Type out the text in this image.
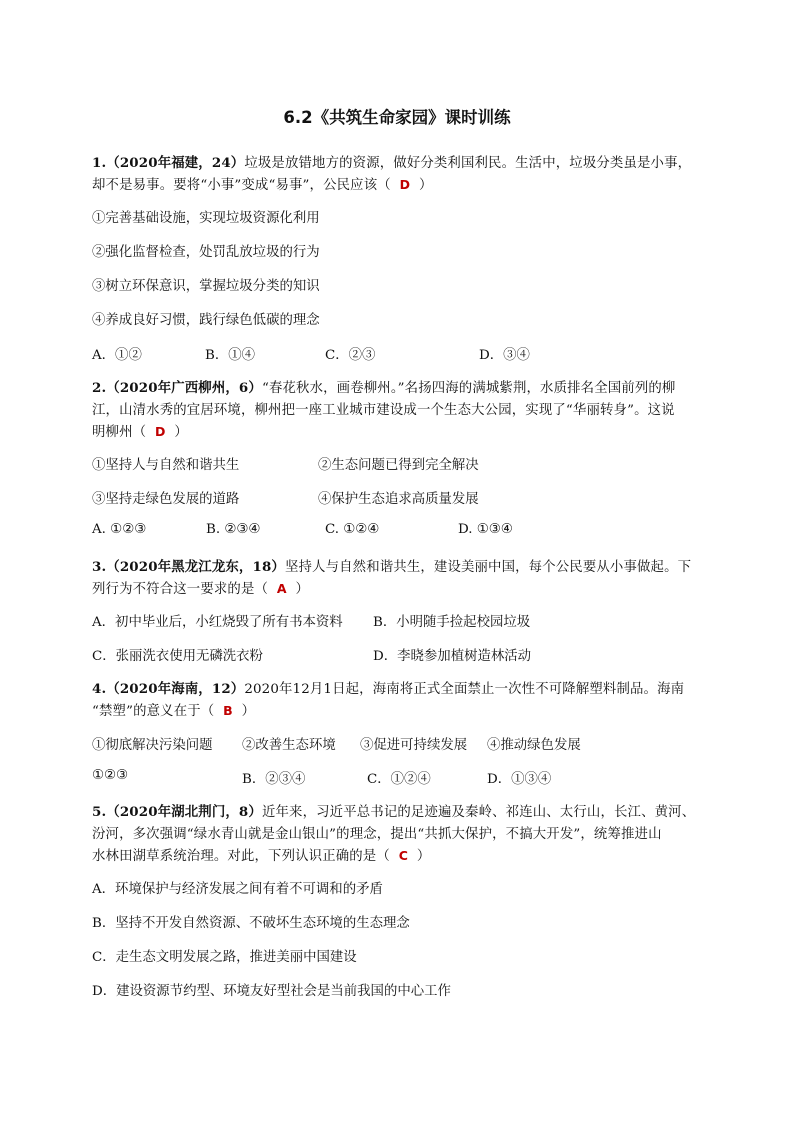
6.2《共筑生命家园》课时训练
1.（2020年福建，24）垃圾是放错地方的资源，做好分类利国利民。生活中，垃圾分类虽是小事，
却不是易事。要将“小事”变成“易事”，公民应该（ D ）
①完善基础设施，实现垃圾资源化利用
②强化监督检查，处罚乱放垃圾的行为
③树立环保意识，掌握垃圾分类的知识
④养成良好习惯，践行绿色低碳的理念
A．①②	B．①④	C．②③	D．③④
2.（2020年广西柳州，6）“春花秋水，画卷柳州。”名扬四海的满城紫荆，水质排名全国前列的柳
江，山清水秀的宜居环境，柳州把一座工业城市建设成一个生态大公园，实现了“华丽转身”。这说
明柳州（ D ）
①坚持人与自然和谐共生	②生态问题已得到完全解决
③坚持走绿色发展的道路	④保护生态追求高质量发展
A. ①②③	B. ②③④	C. ①②④	D. ①③④
3.（2020年黑龙江龙东，18）坚持人与自然和谐共生，建设美丽中国，每个公民要从小事做起。下
列行为不符合这一要求的是（ A ）
A．初中毕业后，小红烧毁了所有书本资料 B．小明随手捡起校园垃圾
C．张丽洗衣使用无磷洗衣粉	D．李晓参加植树造林活动
4.（2020年海南，12）2020年12月1日起，海南将正式全面禁止一次性不可降解塑料制品。海南
“禁塑”的意义在于（ B ）
①彻底解决污染问题 ②改善生态环境 ③促进可持续发展 ④推动绿色发展
①②③	B．②③④	C．①②④	D．①③④
5.（2020年湖北荆门，8）近年来，习近平总书记的足迹遍及秦岭、祁连山、太行山，长江、黄河、
汾河，多次强调“绿水青山就是金山银山”的理念，提出“共抓大保护，不搞大开发”，统筹推进山
水林田湖草系统治理。对此，下列认识正确的是（ C ）
A．环境保护与经济发展之间有着不可调和的矛盾
B．坚持不开发自然资源、不破坏生态环境的生态理念
C．走生态文明发展之路，推进美丽中国建设
D．建设资源节约型、环境友好型社会是当前我国的中心工作
